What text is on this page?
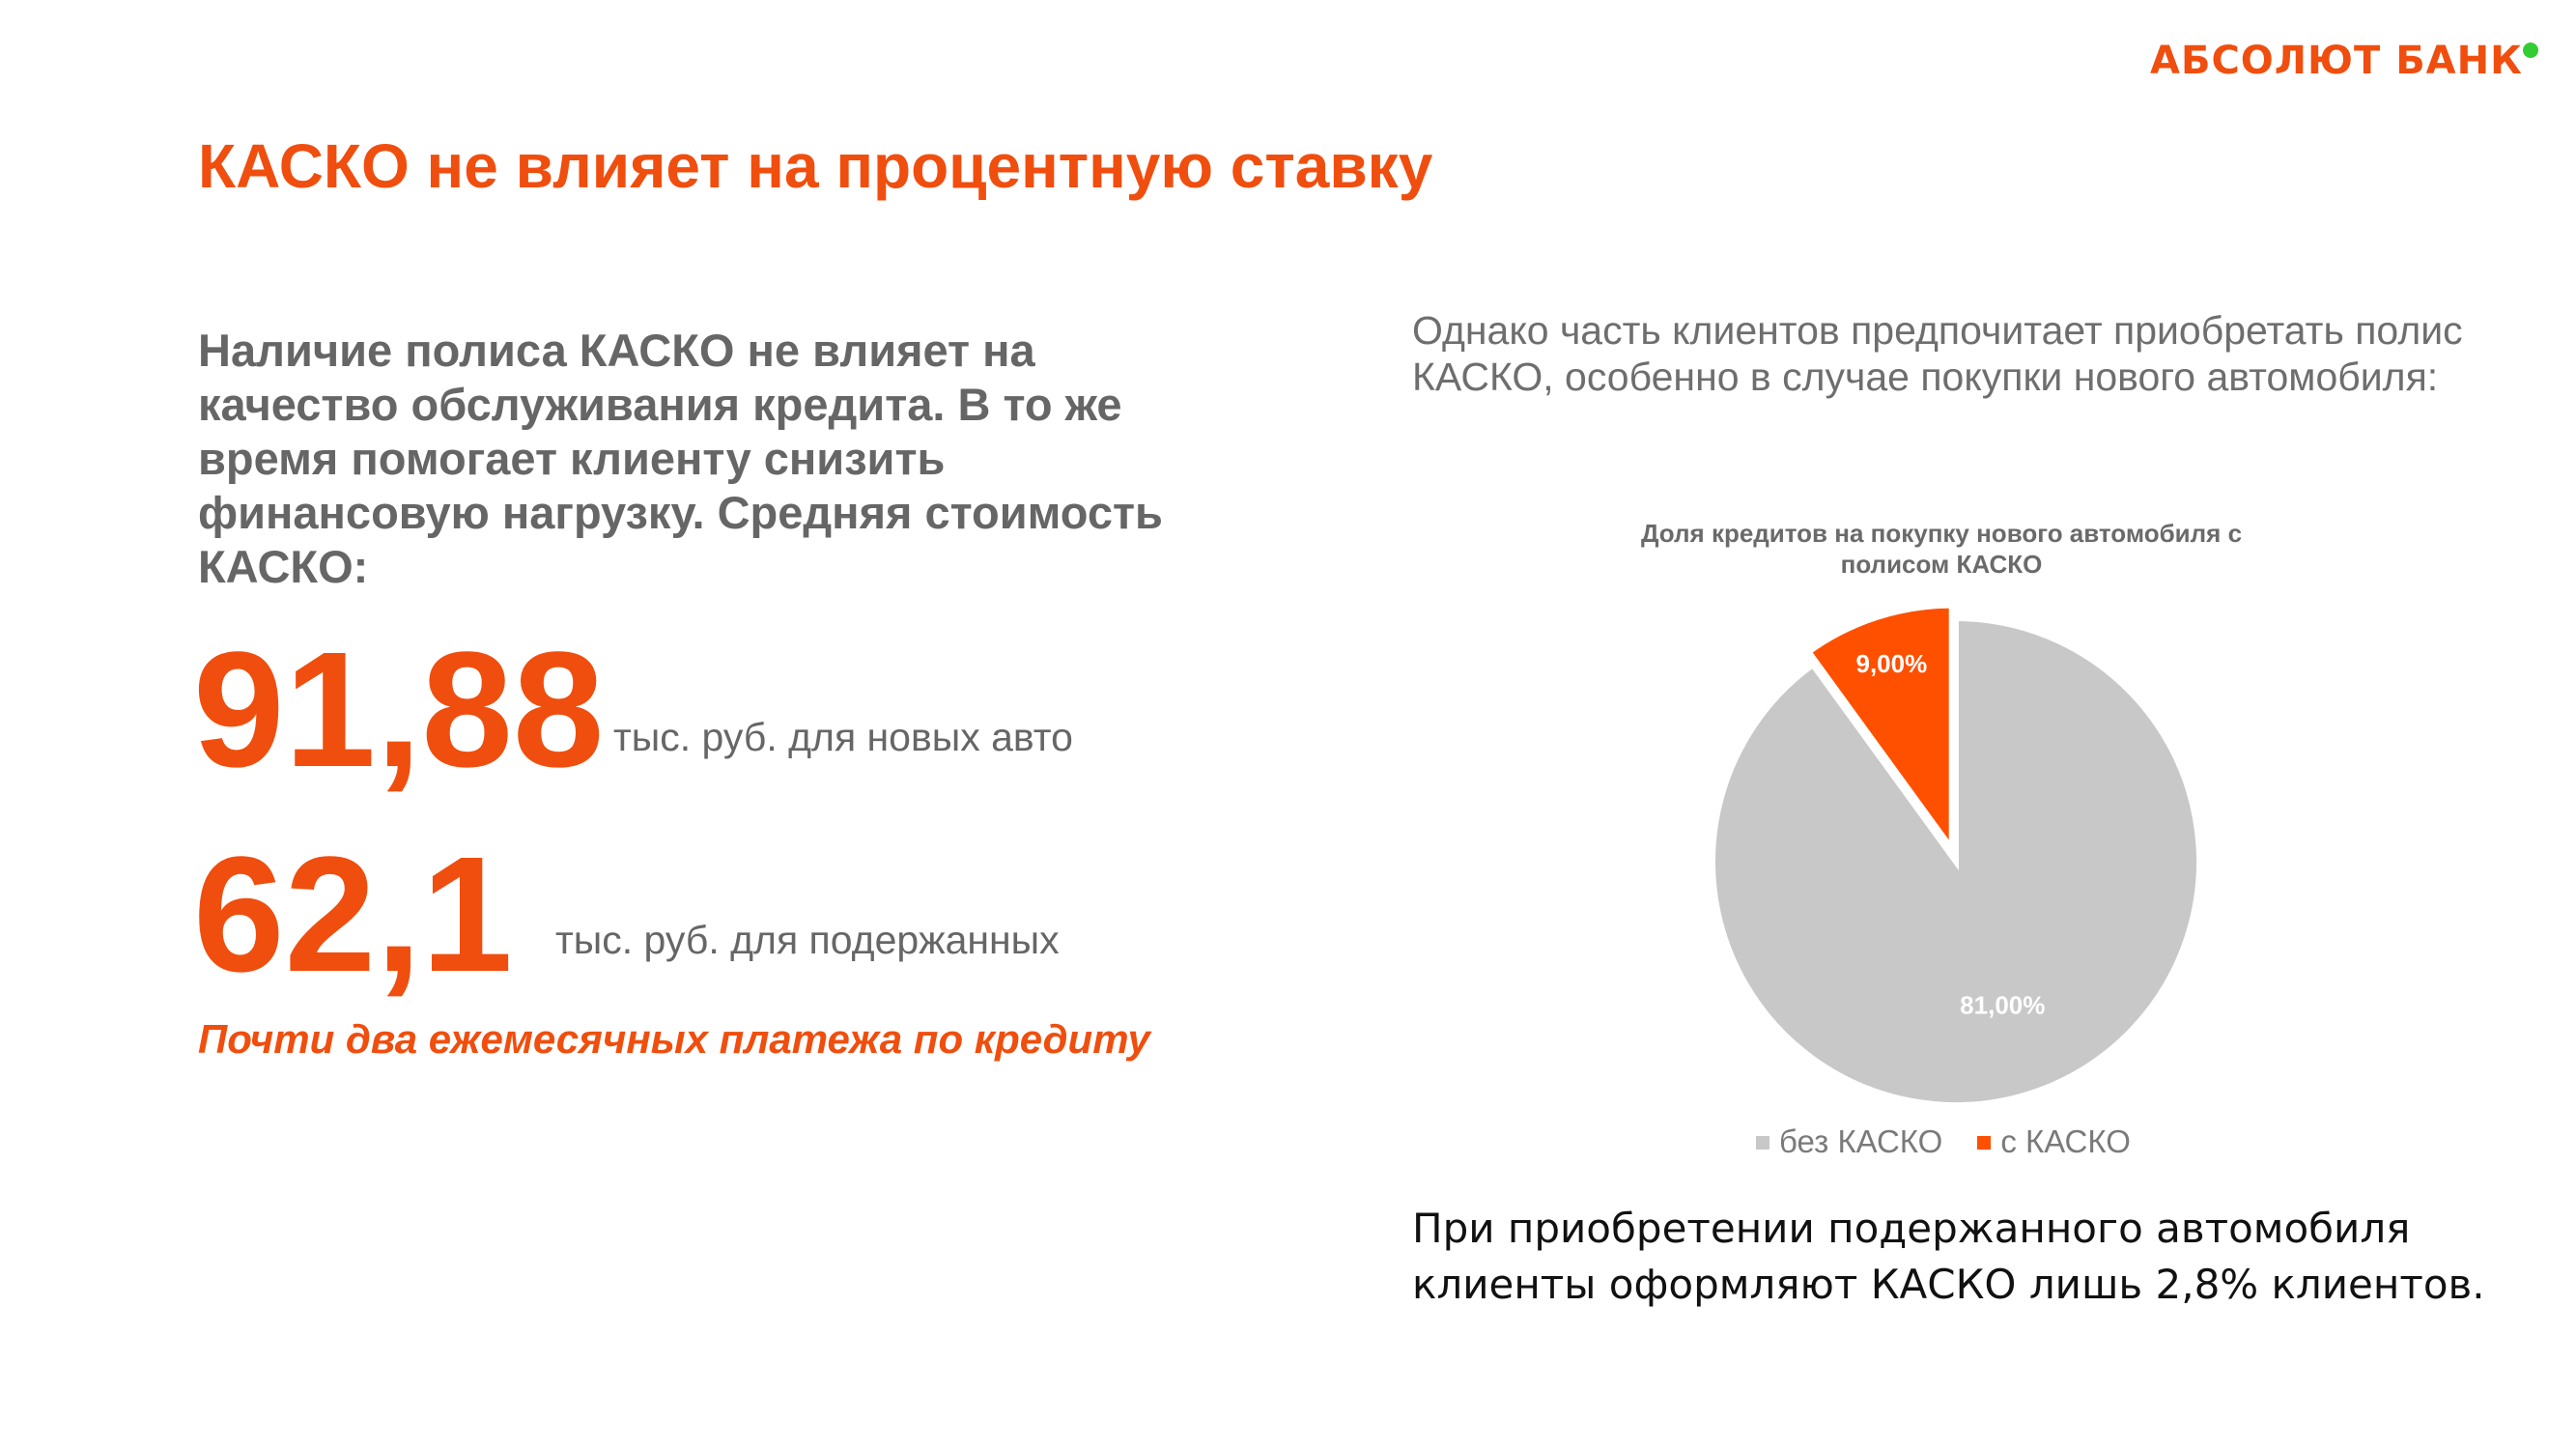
АБСОЛЮТ БАНК
КАСКО не влияет на процентную ставку
Наличие полиса КАСКО не влияет на качество обслуживания кредита. В то же время помогает клиенту снизить финансовую нагрузку. Средняя стоимость КАСКО:
91,88 тыс. руб. для новых авто
62,1 тыс. руб. для подержанных
Почти два ежемесячных платежа по кредиту
Однако часть клиентов предпочитает приобретать полис КАСКО, особенно в случае покупки нового автомобиля:
Доля кредитов на покупку нового автомобиля с полисом КАСКО
81,00%
9,00%
без КАСКО с КАСКО
При приобретении подержанного автомобиля клиенты оформляют КАСКО лишь 2,8% клиентов.
